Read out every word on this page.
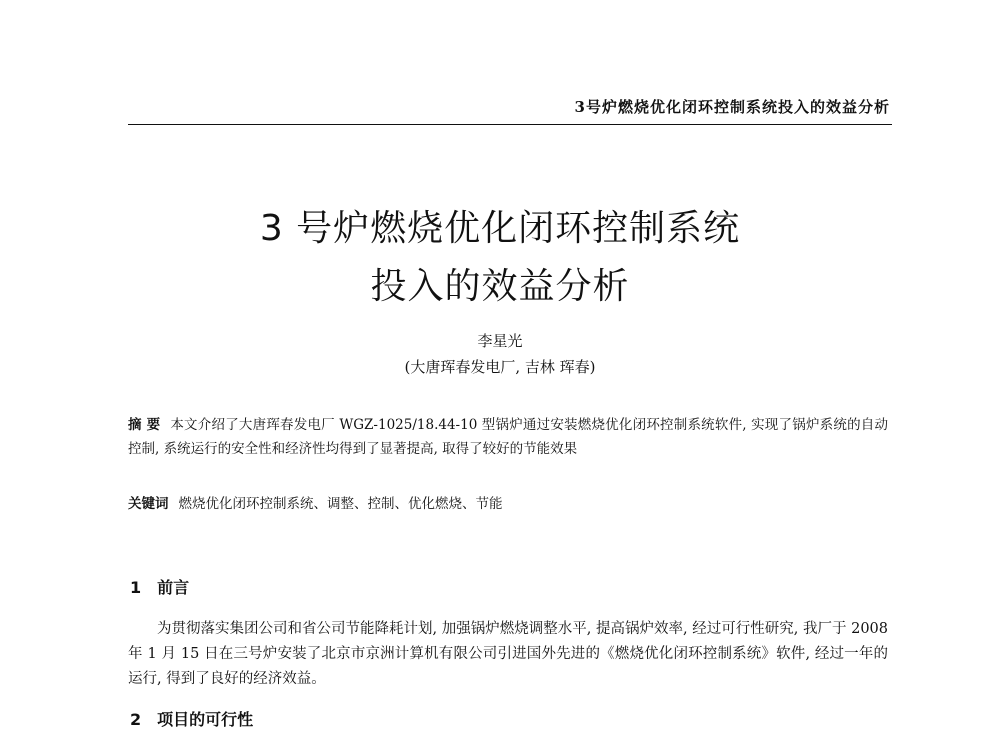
3号炉燃烧优化闭环控制系统投入的效益分析
3 号炉燃烧优化闭环控制系统
投入的效益分析
李星光
(大唐珲春发电厂, 吉林 珲春)
摘 要 本文介绍了大唐珲春发电厂 WGZ-1025/18.44-10 型锅炉通过安装燃烧优化闭环控制系统软件, 实现了锅炉系统的自动控制, 系统运行的安全性和经济性均得到了显著提高, 取得了较好的节能效果
关键词 燃烧优化闭环控制系统、调整、控制、优化燃烧、节能
1 前言
为贯彻落实集团公司和省公司节能降耗计划, 加强锅炉燃烧调整水平, 提高锅炉效率, 经过可行性研究, 我厂于 2008 年 1 月 15 日在三号炉安装了北京市京洲计算机有限公司引进国外先进的《燃烧优化闭环控制系统》软件, 经过一年的运行, 得到了良好的经济效益。
2 项目的可行性
